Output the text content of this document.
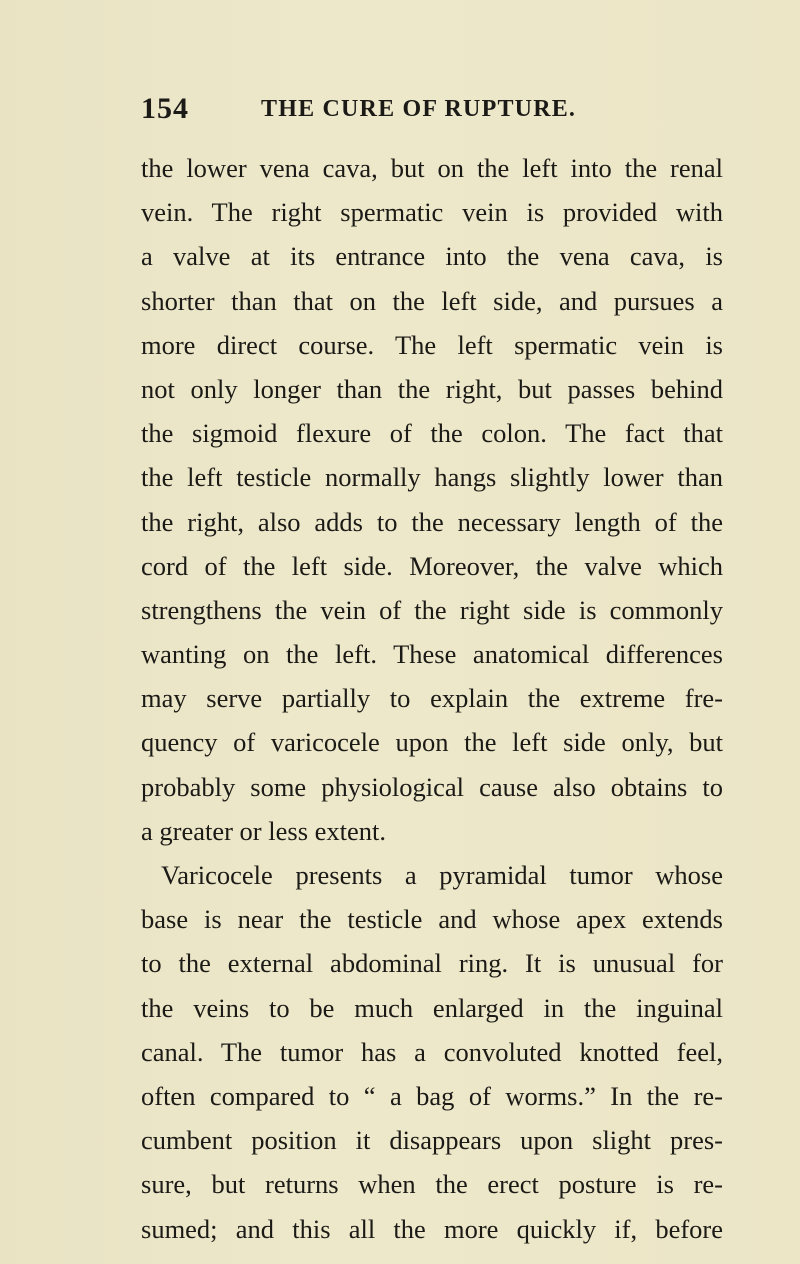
154	THE CURE OF RUPTURE.
the lower vena cava, but on the left into the renal
vein. The right spermatic vein is provided with
a valve at its entrance into the vena cava, is
shorter than that on the left side, and pursues a
more direct course. The left spermatic vein is
not only longer than the right, but passes behind
the sigmoid flexure of the colon. The fact that
the left testicle normally hangs slightly lower than
the right, also adds to the necessary length of the
cord of the left side. Moreover, the valve which
strengthens the vein of the right side is commonly
wanting on the left. These anatomical differences
may serve partially to explain the extreme fre-
quency of varicocele upon the left side only, but
probably some physiological cause also obtains to
a greater or less extent.
Varicocele presents a pyramidal tumor whose
base is near the testicle and whose apex extends
to the external abdominal ring. It is unusual for
the veins to be much enlarged in the inguinal
canal. The tumor has a convoluted knotted feel,
often compared to “ a bag of worms.” In the re-
cumbent position it disappears upon slight pres-
sure, but returns when the erect posture is re-
sumed; and this all the more quickly if, before
